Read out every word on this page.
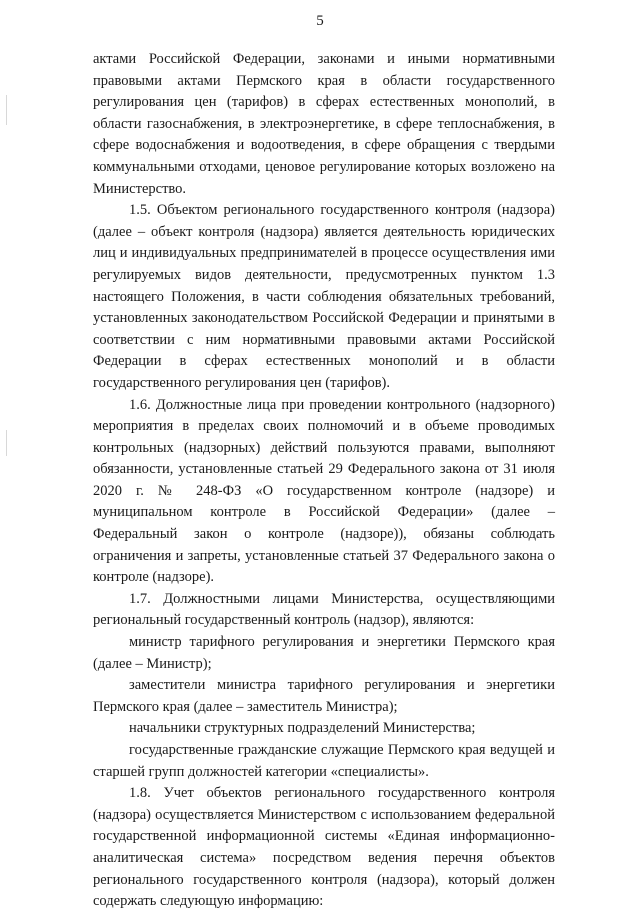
5

актами Российской Федерации, законами и иными нормативными правовыми актами Пермского края в области государственного регулирования цен (тарифов) в сферах естественных монополий, в области газоснабжения, в электроэнергетике, в сфере теплоснабжения, в сфере водоснабжения и водоотведения, в сфере обращения с твердыми коммунальными отходами, ценовое регулирование которых возложено на Министерство.

1.5. Объектом регионального государственного контроля (надзора) (далее – объект контроля (надзора) является деятельность юридических лиц и индивидуальных предпринимателей в процессе осуществления ими регулируемых видов деятельности, предусмотренных пунктом 1.3 настоящего Положения, в части соблюдения обязательных требований, установленных законодательством Российской Федерации и принятыми в соответствии с ним нормативными правовыми актами Российской Федерации в сферах естественных монополий и в области государственного регулирования цен (тарифов).

1.6. Должностные лица при проведении контрольного (надзорного) мероприятия в пределах своих полномочий и в объеме проводимых контрольных (надзорных) действий пользуются правами, выполняют обязанности, установленные статьей 29 Федерального закона от 31 июля 2020 г. № 248-ФЗ «О государственном контроле (надзоре) и муниципальном контроле в Российской Федерации» (далее – Федеральный закон о контроле (надзоре)), обязаны соблюдать ограничения и запреты, установленные статьей 37 Федерального закона о контроле (надзоре).

1.7. Должностными лицами Министерства, осуществляющими региональный государственный контроль (надзор), являются:

министр тарифного регулирования и энергетики Пермского края (далее – Министр);

заместители министра тарифного регулирования и энергетики Пермского края (далее – заместитель Министра);

начальники структурных подразделений Министерства;

государственные гражданские служащие Пермского края ведущей и старшей групп должностей категории «специалисты».

1.8. Учет объектов регионального государственного контроля (надзора) осуществляется Министерством с использованием федеральной государственной информационной системы «Единая информационно-аналитическая система» посредством ведения перечня объектов регионального государственного контроля (надзора), который должен содержать следующую информацию:
